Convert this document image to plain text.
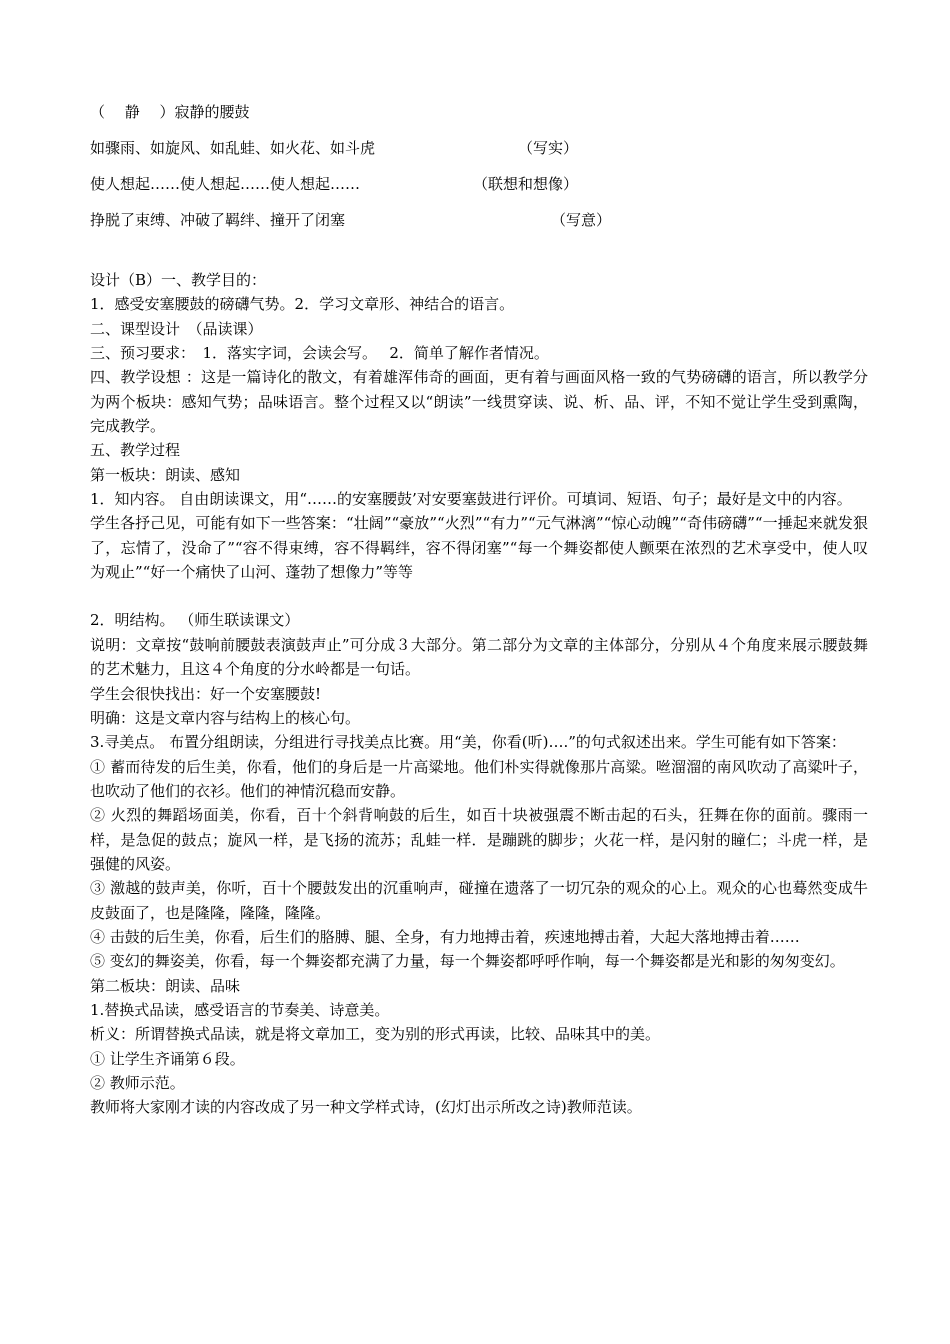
（　 静　 ）寂静的腰鼓
如骤雨、如旋风、如乱蛙、如火花、如斗虎	（写实）
使人想起……使人想起……使人想起……	（联想和想像）
挣脱了束缚、冲破了羁绊、撞开了闭塞	（写意）

设计（B）一、教学目的：

1．感受安塞腰鼓的磅礴气势。2．学习文章形、神结合的语言。

二、课型设计　（品读课）

三、预习要求：　1．落实字词，会读会写。　 2．简单了解作者情况。

四、教学设想 ：这是一篇诗化的散文，有着雄浑伟奇的画面，更有着与画面风格一致的气势磅礴的语言，所以教学分为两个板块：感知气势；品味语言。整个过程又以“朗读”一线贯穿读、说、析、品、评，不知不觉让学生受到熏陶，完成教学。

五、教学过程

第一板块：朗读、感知

1．知内容。 自由朗读课文，用“……的安塞腰鼓’对安要塞鼓进行评价。可填词、短语、句子；最好是文中的内容。

学生各抒己见，可能有如下一些答案：“壮阔”“豪放”“火烈”“有力”“元气淋漓”“惊心动魄”“奇伟磅礴”“一捶起来就发狠了，忘情了，没命了”“容不得束缚，容不得羁绊，容不得闭塞”“每一个舞姿都使人颤栗在浓烈的艺术享受中，使人叹为观止”“好一个痛快了山河、蓬勃了想像力”等等

2．明结构。 （师生联读课文）

说明：文章按“鼓响前腰鼓表演鼓声止”可分成３大部分。第二部分为文章的主体部分，分别从４个角度来展示腰鼓舞的艺术魅力，且这４个角度的分水岭都是一句话。

学生会很快找出：好一个安塞腰鼓!

明确：这是文章内容与结构上的核心句。

3.寻美点。 布置分组朗读，分组进行寻找美点比赛。用“美，你看(听)….”的句式叙述出来。学生可能有如下答案：

① 蓄而待发的后生美，你看，他们的身后是一片高粱地。他们朴实得就像那片高粱。咝溜溜的南风吹动了高粱叶子，也吹动了他们的衣衫。他们的神情沉稳而安静。

② 火烈的舞蹈场面美，你看，百十个斜背响鼓的后生，如百十块被强震不断击起的石头，狂舞在你的面前。骤雨一样，是急促的鼓点；旋风一样，是飞扬的流苏；乱蛙一样．是蹦跳的脚步；火花一样，是闪射的瞳仁；斗虎一样，是强健的风姿。

③ 激越的鼓声美，你听，百十个腰鼓发出的沉重响声，碰撞在遗落了一切冗杂的观众的心上。观众的心也蓦然变成牛皮鼓面了，也是隆隆，隆隆，隆隆。

④ 击鼓的后生美，你看，后生们的胳膊、腿、全身，有力地搏击着，疾速地搏击着，大起大落地搏击着……

⑤ 变幻的舞姿美，你看，每一个舞姿都充满了力量，每一个舞姿都呼呼作响，每一个舞姿都是光和影的匆匆变幻。

第二板块：朗读、品味

1.替换式品读，感受语言的节奏美、诗意美。

析义：所谓替换式品读，就是将文章加工，变为别的形式再读，比较、品味其中的美。

① 让学生齐诵第６段。

② 教师示范。

教师将大家刚才读的内容改成了另一种文学样式诗，(幻灯出示所改之诗)教师范读。
